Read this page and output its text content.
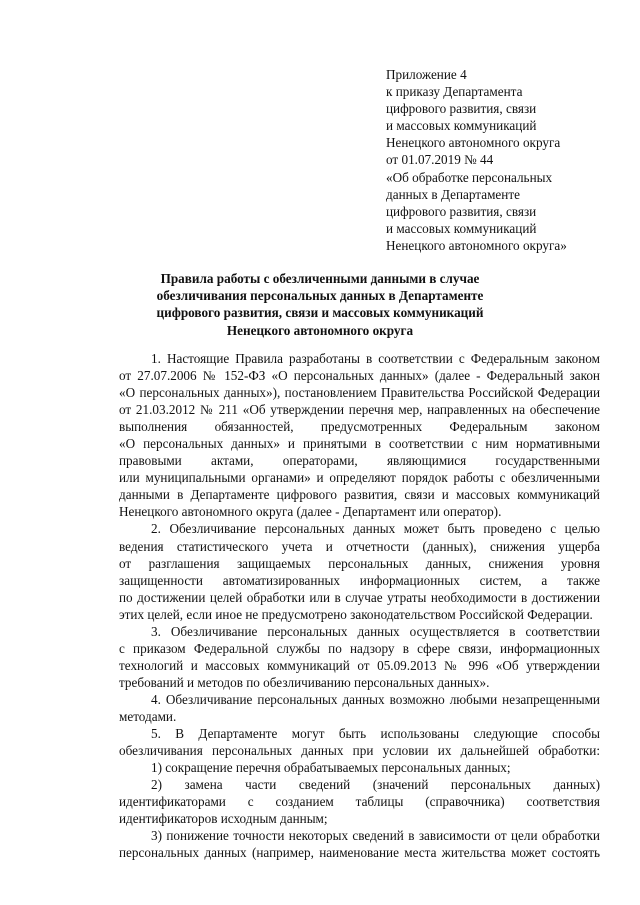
Приложение 4
к приказу Департамента
цифрового развития, связи
и массовых коммуникаций
Ненецкого автономного округа
от 01.07.2019 № 44
«Об обработке персональных
данных в Департаменте
цифрового развития, связи
и массовых коммуникаций
Ненецкого автономного округа»
Правила работы с обезличенными данными в случае
обезличивания персональных данных в Департаменте
цифрового развития, связи и массовых коммуникаций
Ненецкого автономного округа
1. Настоящие Правила разработаны в соответствии с Федеральным законом
от 27.07.2006 № 152-ФЗ «О персональных данных» (далее - Федеральный закон
«О персональных данных»), постановлением Правительства Российской Федерации
от 21.03.2012 № 211 «Об утверждении перечня мер, направленных на обеспечение
выполнения обязанностей, предусмотренных Федеральным законом
«О персональных данных» и принятыми в соответствии с ним нормативными
правовыми актами, операторами, являющимися государственными
или муниципальными органами» и определяют порядок работы с обезличенными
данными в Департаменте цифрового развития, связи и массовых коммуникаций
Ненецкого автономного округа (далее - Департамент или оператор).
2. Обезличивание персональных данных может быть проведено с целью
ведения статистического учета и отчетности (данных), снижения ущерба
от разглашения защищаемых персональных данных, снижения уровня
защищенности автоматизированных информационных систем, а также
по достижении целей обработки или в случае утраты необходимости в достижении
этих целей, если иное не предусмотрено законодательством Российской Федерации.
3. Обезличивание персональных данных осуществляется в соответствии
с приказом Федеральной службы по надзору в сфере связи, информационных
технологий и массовых коммуникаций от 05.09.2013 № 996 «Об утверждении
требований и методов по обезличиванию персональных данных».
4. Обезличивание персональных данных возможно любыми незапрещенными
методами.
5. В Департаменте могут быть использованы следующие способы
обезличивания персональных данных при условии их дальнейшей обработки:
1) сокращение перечня обрабатываемых персональных данных;
2) замена части сведений (значений персональных данных)
идентификаторами с созданием таблицы (справочника) соответствия
идентификаторов исходным данным;
3) понижение точности некоторых сведений в зависимости от цели обработки
персональных данных (например, наименование места жительства может состоять
